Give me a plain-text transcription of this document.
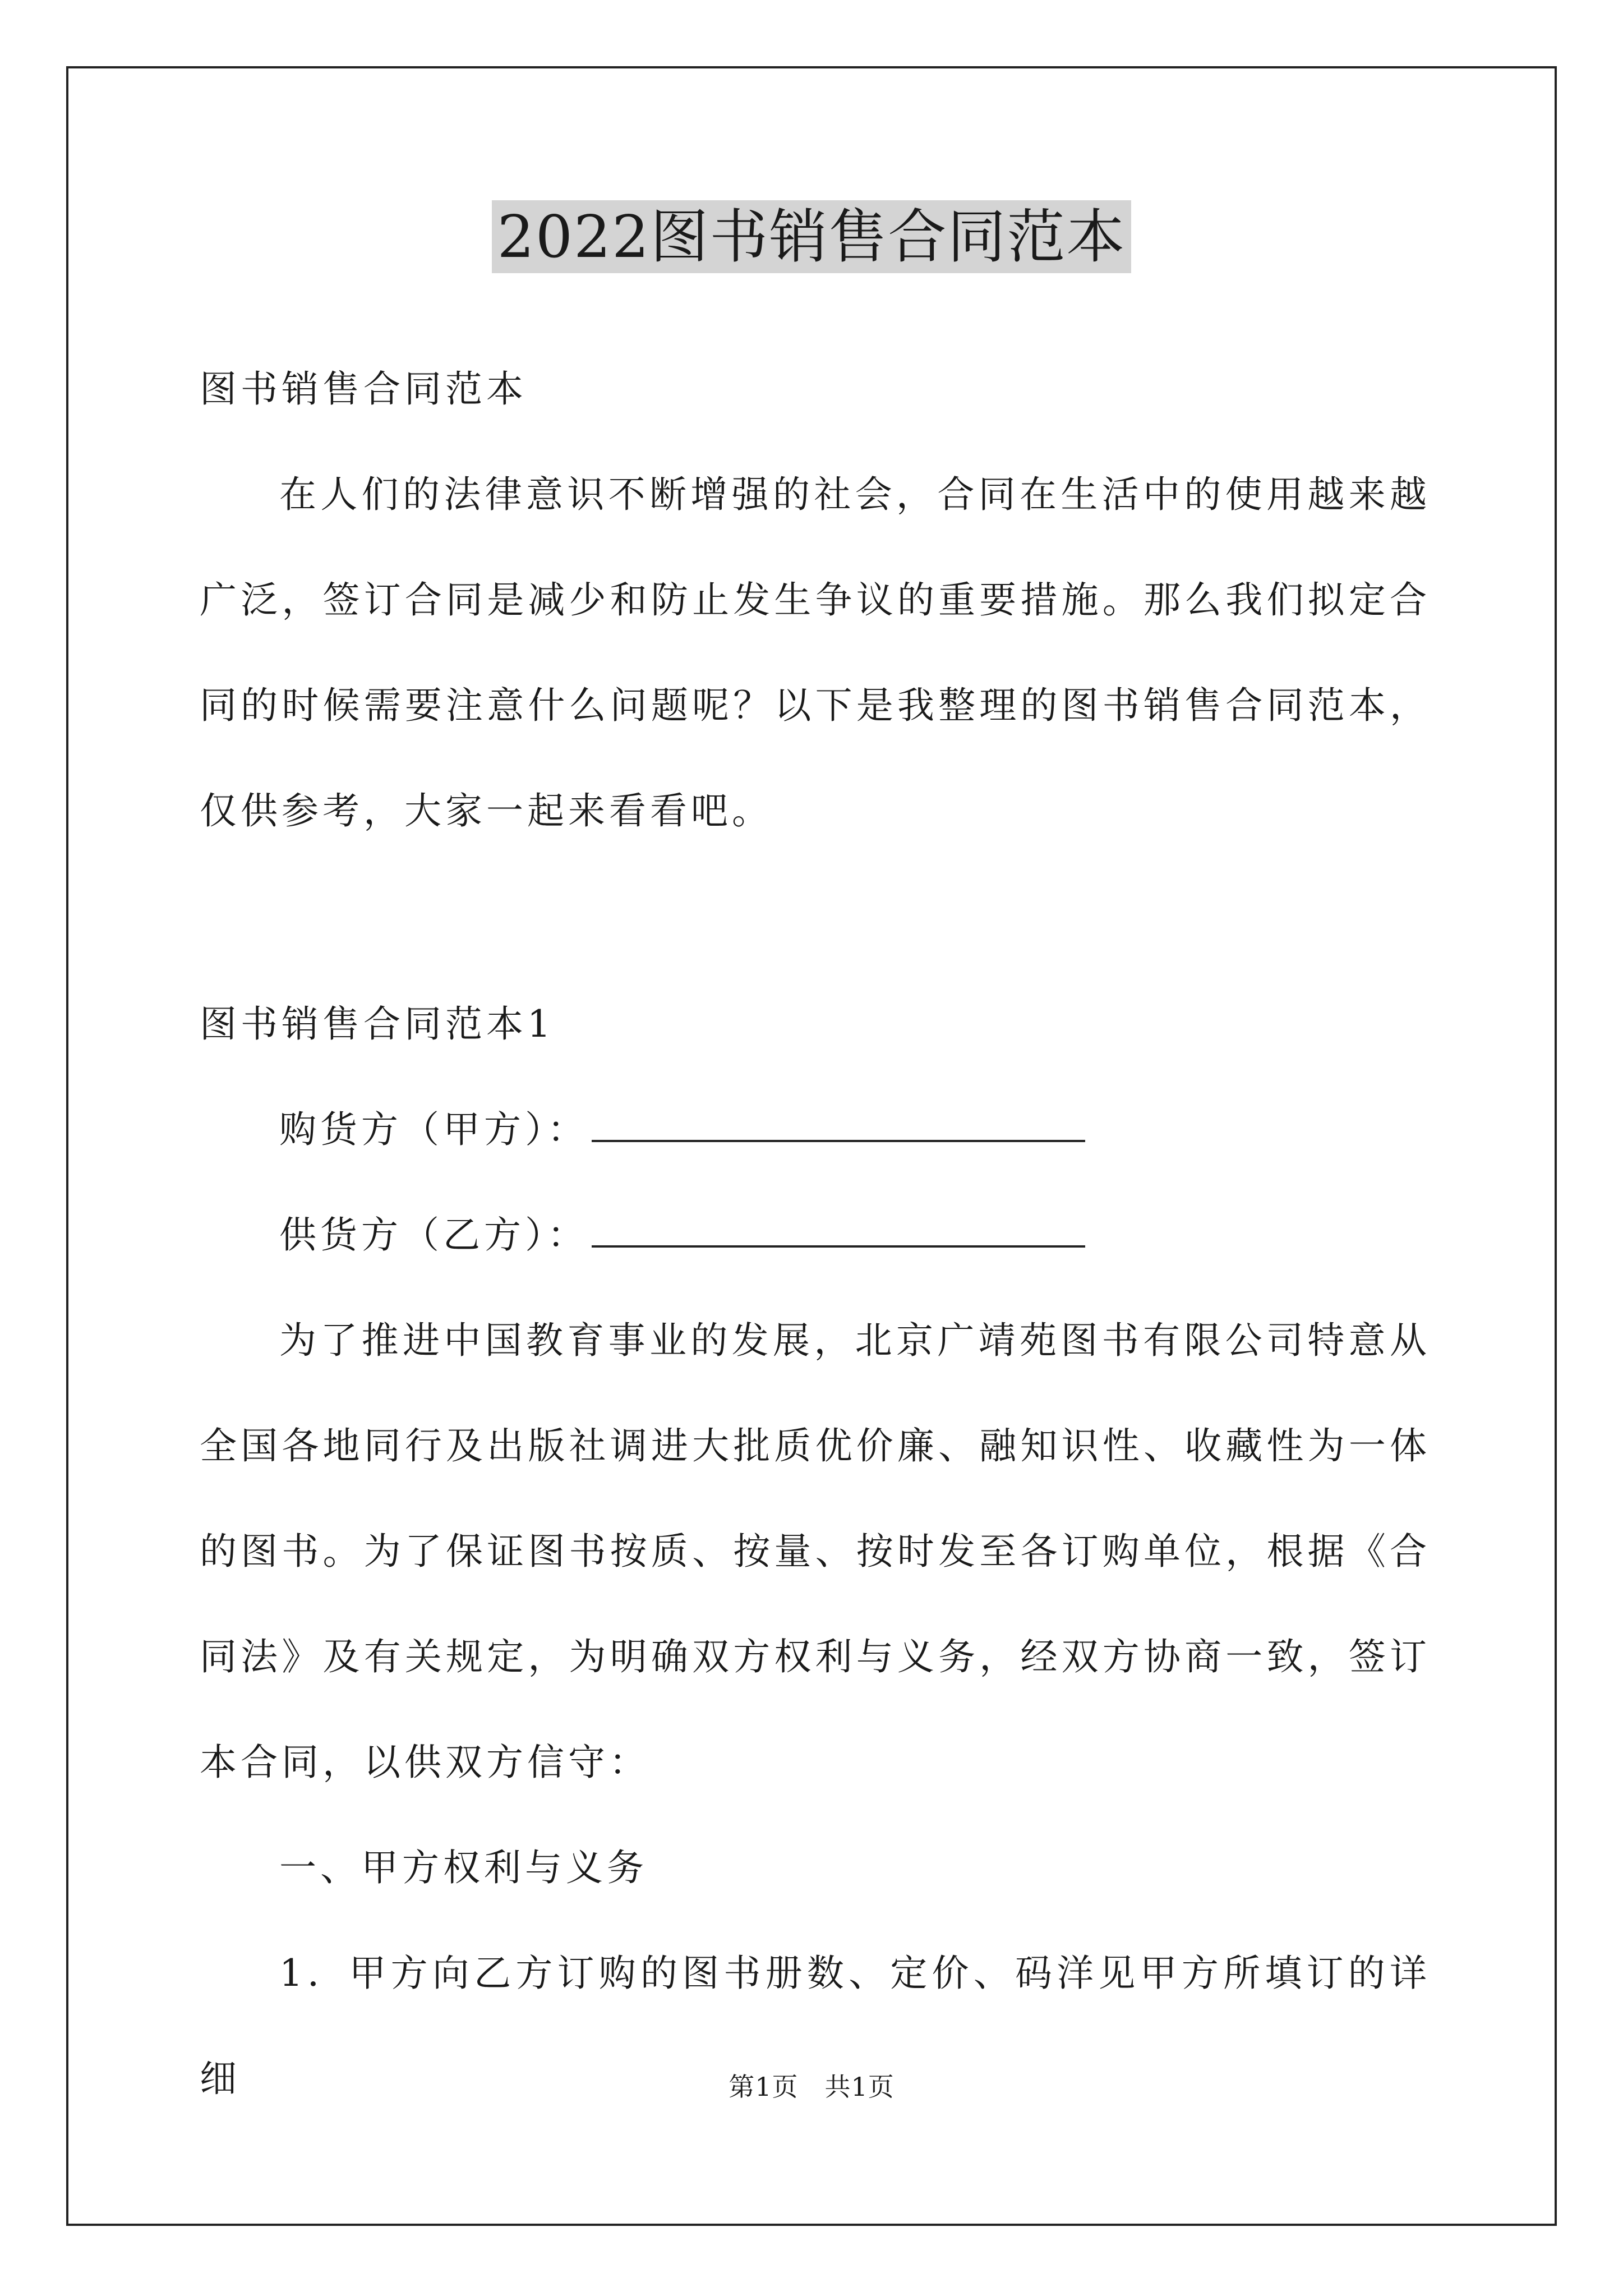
2022图书销售合同范本

图书销售合同范本

在人们的法律意识不断增强的社会，合同在生活中的使用越来越广泛，签订合同是减少和防止发生争议的重要措施。那么我们拟定合同的时候需要注意什么问题呢？以下是我整理的图书销售合同范本，仅供参考，大家一起来看看吧。

图书销售合同范本1

购货方（甲方）：

供货方（乙方）：

为了推进中国教育事业的发展，北京广靖苑图书有限公司特意从全国各地同行及出版社调进大批质优价廉、融知识性、收藏性为一体的图书。为了保证图书按质、按量、按时发至各订购单位，根据《合同法》及有关规定，为明确双方权利与义务，经双方协商一致，签订本合同，以供双方信守：

一、甲方权利与义务

1．甲方向乙方订购的图书册数、定价、码洋见甲方所填订的详细	第1页　共1页
